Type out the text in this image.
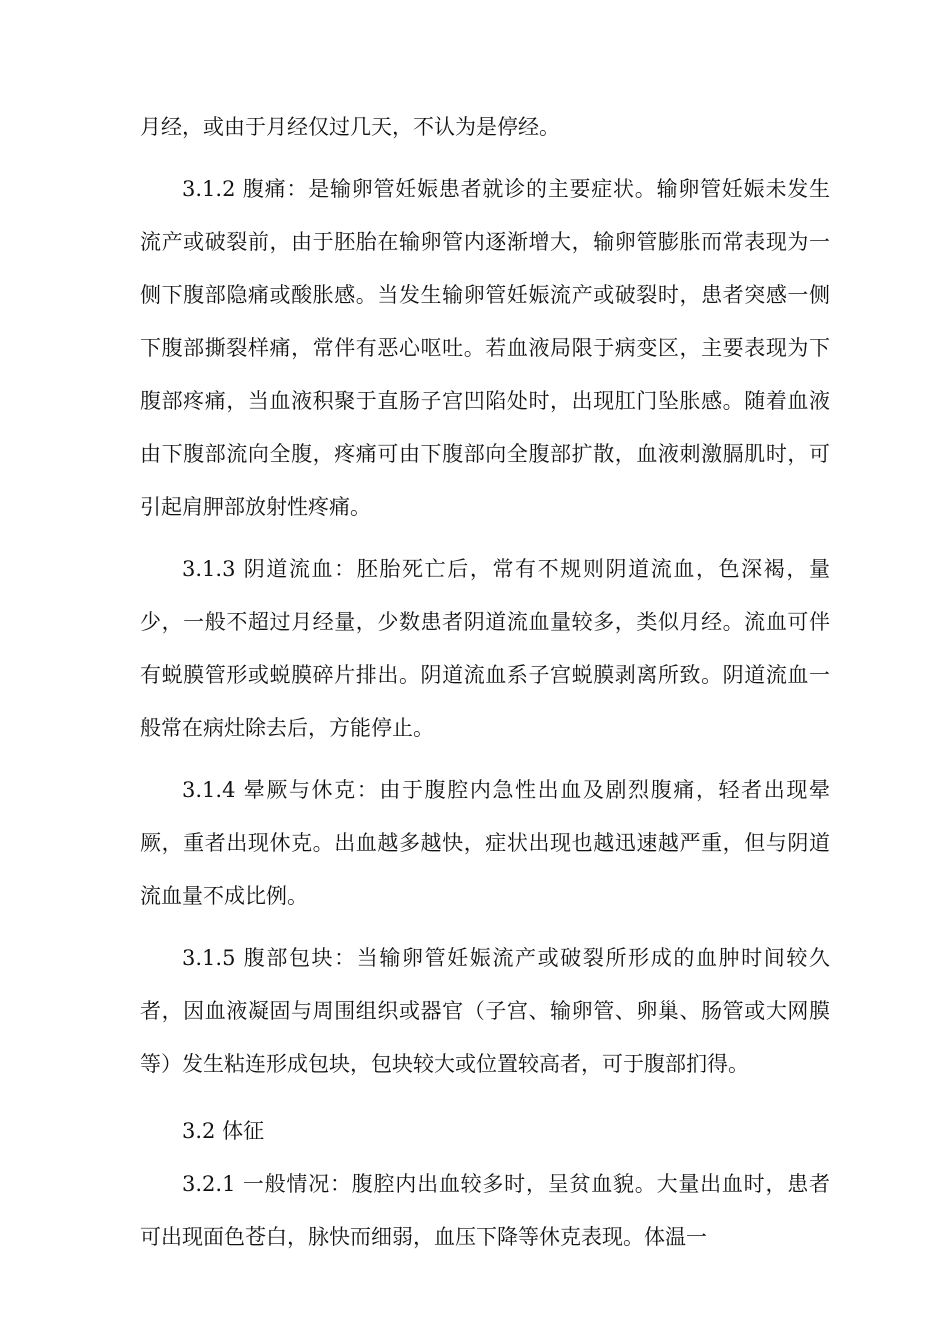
月经，或由于月经仅过几天，不认为是停经。

3.1.2 腹痛：是输卵管妊娠患者就诊的主要症状。输卵管妊娠未发生流产或破裂前，由于胚胎在输卵管内逐渐增大，输卵管膨胀而常表现为一侧下腹部隐痛或酸胀感。当发生输卵管妊娠流产或破裂时，患者突感一侧下腹部撕裂样痛，常伴有恶心呕吐。若血液局限于病变区，主要表现为下腹部疼痛，当血液积聚于直肠子宫凹陷处时，出现肛门坠胀感。随着血液由下腹部流向全腹，疼痛可由下腹部向全腹部扩散，血液刺激膈肌时，可引起肩胛部放射性疼痛。

3.1.3 阴道流血：胚胎死亡后，常有不规则阴道流血，色深褐，量少，一般不超过月经量，少数患者阴道流血量较多，类似月经。流血可伴有蜕膜管形或蜕膜碎片排出。阴道流血系子宫蜕膜剥离所致。阴道流血一般常在病灶除去后，方能停止。

3.1.4 晕厥与休克：由于腹腔内急性出血及剧烈腹痛，轻者出现晕厥，重者出现休克。出血越多越快，症状出现也越迅速越严重，但与阴道流血量不成比例。

3.1.5 腹部包块：当输卵管妊娠流产或破裂所形成的血肿时间较久者，因血液凝固与周围组织或器官（子宫、输卵管、卵巢、肠管或大网膜等）发生粘连形成包块，包块较大或位置较高者，可于腹部扪得。

3.2 体征

3.2.1 一般情况：腹腔内出血较多时，呈贫血貌。大量出血时，患者可出现面色苍白，脉快而细弱，血压下降等休克表现。体温一
